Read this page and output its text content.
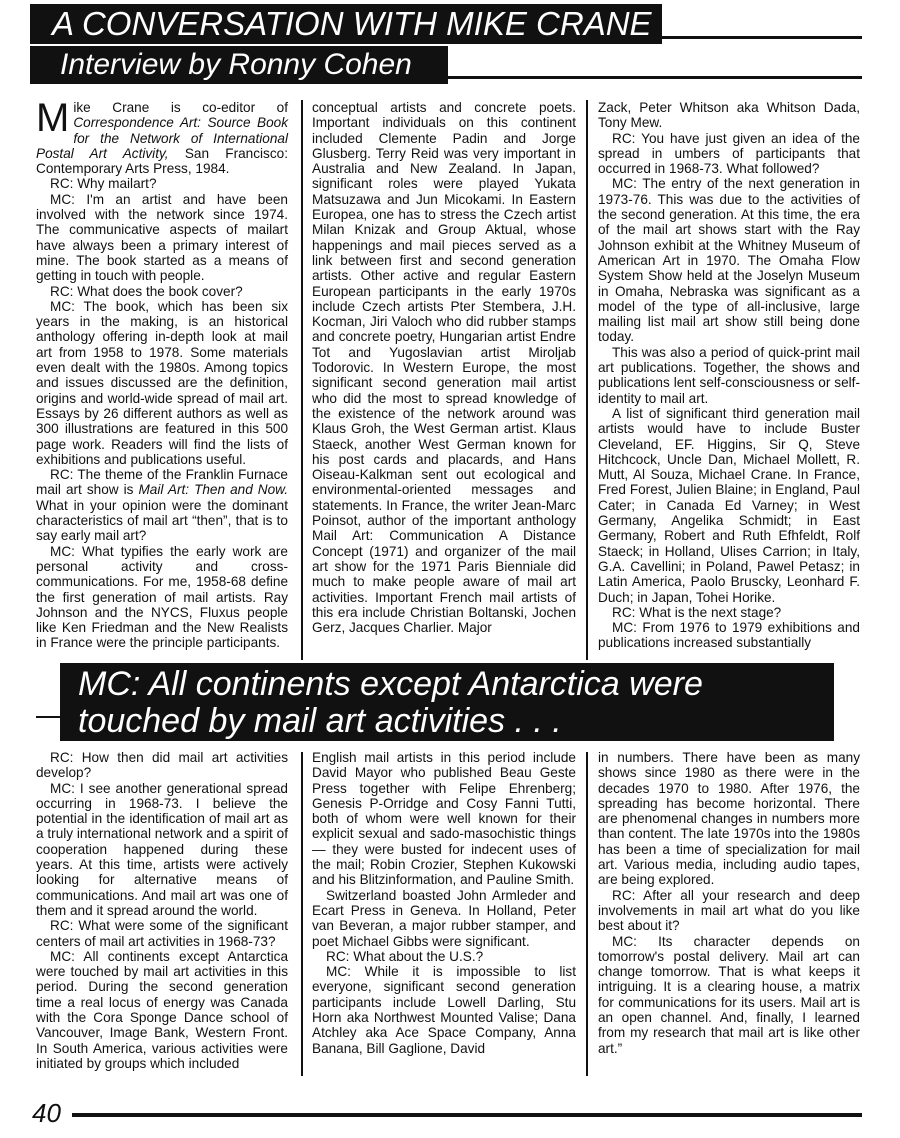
A CONVERSATION WITH MIKE CRANE
Interview by Ronny Cohen

Mike Crane is co-editor of Correspondence Art: Source Book for the Network of International Postal Art Activity, San Francisco: Contemporary Arts Press, 1984.

RC: Why mailart?

MC: I'm an artist and have been involved with the network since 1974. The communicative aspects of mailart have always been a primary interest of mine. The book started as a means of getting in touch with people.

RC: What does the book cover?

MC: The book, which has been six years in the making, is an historical anthology offering in-depth look at mail art from 1958 to 1978. Some materials even dealt with the 1980s. Among topics and issues discussed are the definition, origins and world-wide spread of mail art. Essays by 26 different authors as well as 300 illustrations are featured in this 500 page work. Readers will find the lists of exhibitions and publications useful.

RC: The theme of the Franklin Furnace mail art show is Mail Art: Then and Now. What in your opinion were the dominant characteristics of mail art “then”, that is to say early mail art?

MC: What typifies the early work are personal activity and cross-communications. For me, 1958-68 define the first generation of mail artists. Ray Johnson and the NYCS, Fluxus people like Ken Friedman and the New Realists in France were the principle participants.

conceptual artists and concrete poets. Important individuals on this continent included Clemente Padin and Jorge Glusberg. Terry Reid was very important in Australia and New Zealand. In Japan, significant roles were played Yukata Matsuzawa and Jun Micokami. In Eastern Europea, one has to stress the Czech artist Milan Knizak and Group Aktual, whose happenings and mail pieces served as a link between first and second generation artists. Other active and regular Eastern European participants in the early 1970s include Czech artists Pter Stembera, J.H. Kocman, Jiri Valoch who did rubber stamps and concrete poetry, Hungarian artist Endre Tot and Yugoslavian artist Miroljab Todorovic. In Western Europe, the most significant second generation mail artist who did the most to spread knowledge of the existence of the network around was Klaus Groh, the West German artist. Klaus Staeck, another West German known for his post cards and placards, and Hans Oiseau-Kalkman sent out ecological and environmental-oriented messages and statements. In France, the writer Jean-Marc Poinsot, author of the important anthology Mail Art: Communication A Distance Concept (1971) and organizer of the mail art show for the 1971 Paris Bienniale did much to make people aware of mail art activities. Important French mail artists of this era include Christian Boltanski, Jochen Gerz, Jacques Charlier. Major

Zack, Peter Whitson aka Whitson Dada, Tony Mew.

RC: You have just given an idea of the spread in umbers of participants that occurred in 1968-73. What followed?

MC: The entry of the next generation in 1973-76. This was due to the activities of the second generation. At this time, the era of the mail art shows start with the Ray Johnson exhibit at the Whitney Museum of American Art in 1970. The Omaha Flow System Show held at the Joselyn Museum in Omaha, Nebraska was significant as a model of the type of all-inclusive, large mailing list mail art show still being done today.

This was also a period of quick-print mail art publications. Together, the shows and publications lent self-consciousness or self-identity to mail art.

A list of significant third generation mail artists would have to include Buster Cleveland, EF. Higgins, Sir Q, Steve Hitchcock, Uncle Dan, Michael Mollett, R. Mutt, Al Souza, Michael Crane. In France, Fred Forest, Julien Blaine; in England, Paul Cater; in Canada Ed Varney; in West Germany, Angelika Schmidt; in East Germany, Robert and Ruth Efhfeldt, Rolf Staeck; in Holland, Ulises Carrion; in Italy, G.A. Cavellini; in Poland, Pawel Petasz; in Latin America, Paolo Bruscky, Leonhard F. Duch; in Japan, Tohei Horike.

RC: What is the next stage?

MC: From 1976 to 1979 exhibitions and publications increased substantially

MC: All continents except Antarctica were touched by mail art activities . . .

RC: How then did mail art activities develop?

MC: I see another generational spread occurring in 1968-73. I believe the potential in the identification of mail art as a truly international network and a spirit of cooperation happened during these years. At this time, artists were actively looking for alternative means of communications. And mail art was one of them and it spread around the world.

RC: What were some of the significant centers of mail art activities in 1968-73?

MC: All continents except Antarctica were touched by mail art activities in this period. During the second generation time a real locus of energy was Canada with the Cora Sponge Dance school of Vancouver, Image Bank, Western Front. In South America, various activities were initiated by groups which included

English mail artists in this period include David Mayor who published Beau Geste Press together with Felipe Ehrenberg; Genesis P-Orridge and Cosy Fanni Tutti, both of whom were well known for their explicit sexual and sado-masochistic things — they were busted for indecent uses of the mail; Robin Crozier, Stephen Kukowski and his Blitzinformation, and Pauline Smith.

Switzerland boasted John Armleder and Ecart Press in Geneva. In Holland, Peter van Beveran, a major rubber stamper, and poet Michael Gibbs were significant.

RC: What about the U.S.?

MC: While it is impossible to list everyone, significant second generation participants include Lowell Darling, Stu Horn aka Northwest Mounted Valise; Dana Atchley aka Ace Space Company, Anna Banana, Bill Gaglione, David

in numbers. There have been as many shows since 1980 as there were in the decades 1970 to 1980. After 1976, the spreading has become horizontal. There are phenomenal changes in numbers more than content. The late 1970s into the 1980s has been a time of specialization for mail art. Various media, including audio tapes, are being explored.

RC: After all your research and deep involvements in mail art what do you like best about it?

MC: Its character depends on tomorrow's postal delivery. Mail art can change tomorrow. That is what keeps it intriguing. It is a clearing house, a matrix for communications for its users. Mail art is an open channel. And, finally, I learned from my research that mail art is like other art.”

40
